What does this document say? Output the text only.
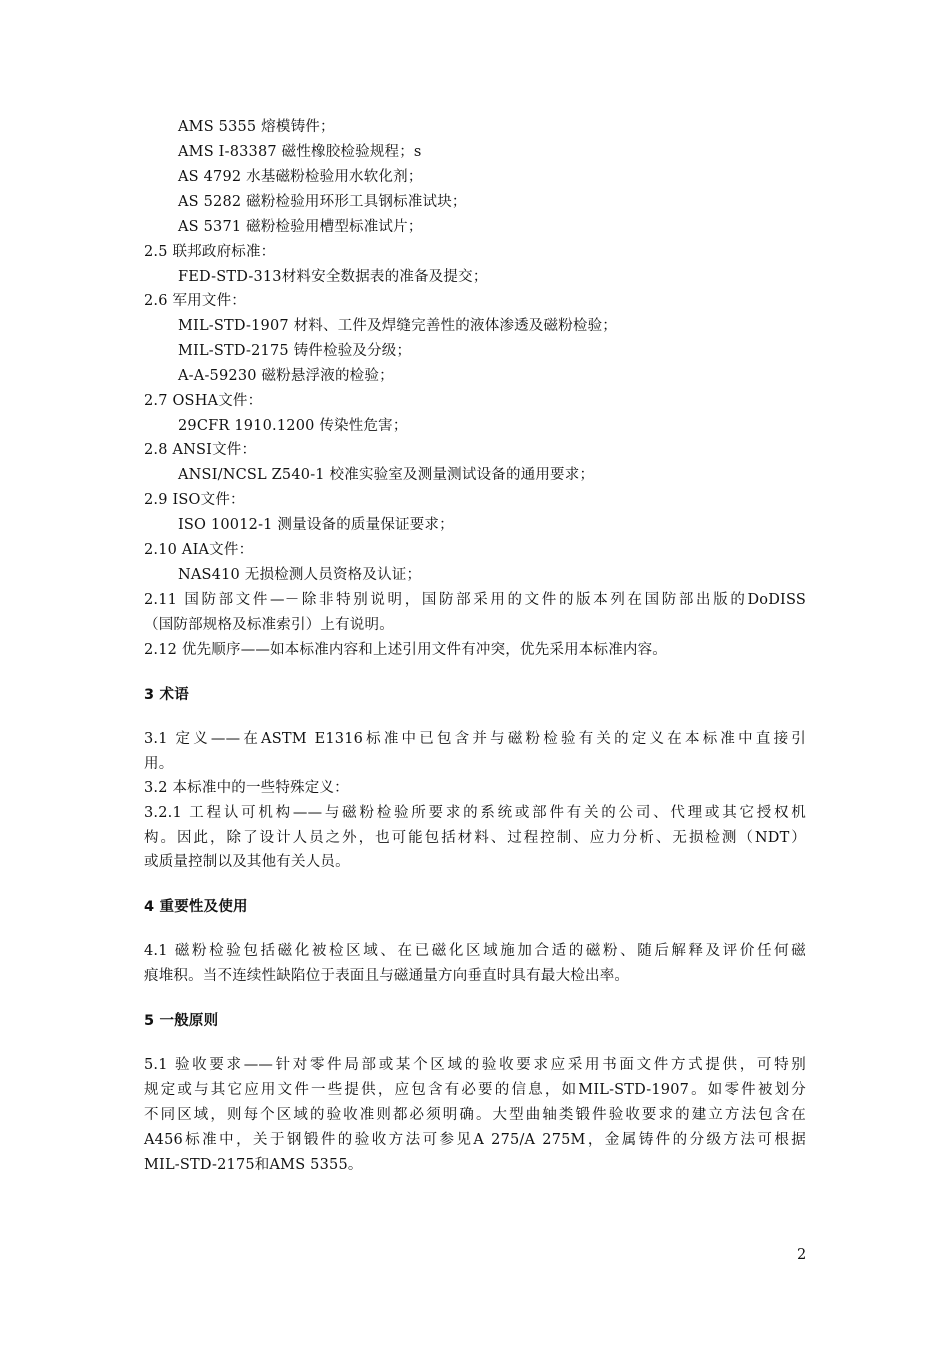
AMS 5355 熔模铸件；
AMS I-83387 磁性橡胶检验规程；s
AS 4792 水基磁粉检验用水软化剂；
AS 5282 磁粉检验用环形工具钢标准试块；
AS 5371 磁粉检验用槽型标准试片；
2.5 联邦政府标准：
FED-STD-313材料安全数据表的准备及提交；
2.6 军用文件：
MIL-STD-1907 材料、工件及焊缝完善性的液体渗透及磁粉检验；
MIL-STD-2175 铸件检验及分级；
A-A-59230 磁粉悬浮液的检验；
2.7 OSHA文件：
29CFR 1910.1200 传染性危害；
2.8 ANSI文件：
ANSI/NCSL Z540-1 校准实验室及测量测试设备的通用要求；
2.9 ISO文件：
ISO 10012-1 测量设备的质量保证要求；
2.10 AIA文件：
NAS410 无损检测人员资格及认证；
2.11 国防部文件—－除非特别说明，国防部采用的文件的版本列在国防部出版的DoDISS
（国防部规格及标准索引）上有说明。
2.12 优先顺序——如本标准内容和上述引用文件有冲突，优先采用本标准内容。
3 术语
3.1 定义——在ASTM E1316标准中已包含并与磁粉检验有关的定义在本标准中直接引
用。
3.2 本标准中的一些特殊定义：
3.2.1 工程认可机构——与磁粉检验所要求的系统或部件有关的公司、代理或其它授权机
构。因此，除了设计人员之外，也可能包括材料、过程控制、应力分析、无损检测（NDT）
或质量控制以及其他有关人员。
4 重要性及使用
4.1 磁粉检验包括磁化被检区域、在已磁化区域施加合适的磁粉、随后解释及评价任何磁
痕堆积。当不连续性缺陷位于表面且与磁通量方向垂直时具有最大检出率。
5 一般原则
5.1 验收要求——针对零件局部或某个区域的验收要求应采用书面文件方式提供，可特别
规定或与其它应用文件一些提供，应包含有必要的信息，如MIL-STD-1907。如零件被划分
不同区域，则每个区域的验收准则都必须明确。大型曲轴类锻件验收要求的建立方法包含在
A456标准中，关于钢锻件的验收方法可参见A 275/A 275M，金属铸件的分级方法可根据
MIL-STD-2175和AMS 5355。
2
